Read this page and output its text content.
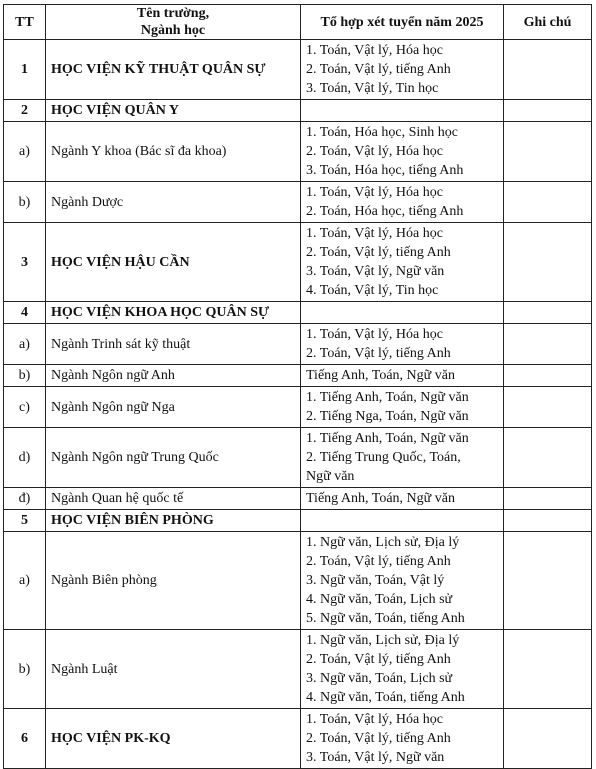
TT	Tên trường,
Ngành học	Tổ hợp xét tuyển năm 2025	Ghi chú
1	HỌC VIỆN KỸ THUẬT QUÂN SỰ	1. Toán, Vật lý, Hóa học
2. Toán, Vật lý, tiếng Anh
3. Toán, Vật lý, Tin học	

2	HỌC VIỆN QUÂN Y		
a)	Ngành Y khoa (Bác sĩ đa khoa)	1. Toán, Hóa học, Sinh học
2. Toán, Vật lý, Hóa học
3. Toán, Hóa học, tiếng Anh	

b)	Ngành Dược	1. Toán, Vật lý, Hóa học
2. Toán, Hóa học, tiếng Anh	

3	HỌC VIỆN HẬU CẦN	1. Toán, Vật lý, Hóa học
2. Toán, Vật lý, tiếng Anh
3. Toán, Vật lý, Ngữ văn
4. Toán, Vật lý, Tin học	

4	HỌC VIỆN KHOA HỌC QUÂN SỰ		
a)	Ngành Trinh sát kỹ thuật	1. Toán, Vật lý, Hóa học
2. Toán, Vật lý, tiếng Anh	

b)	Ngành Ngôn ngữ Anh	Tiếng Anh, Toán, Ngữ văn	

c)	Ngành Ngôn ngữ Nga	1. Tiếng Anh, Toán, Ngữ văn
2. Tiếng Nga, Toán, Ngữ văn	

d)	Ngành Ngôn ngữ Trung Quốc	1. Tiếng Anh, Toán, Ngữ văn
2. Tiếng Trung Quốc, Toán,
Ngữ văn	

đ)	Ngành Quan hệ quốc tế	Tiếng Anh, Toán, Ngữ văn	

5	HỌC VIỆN BIÊN PHÒNG		
a)	Ngành Biên phòng	1. Ngữ văn, Lịch sử, Địa lý
2. Toán, Vật lý, tiếng Anh
3. Ngữ văn, Toán, Vật lý
4. Ngữ văn, Toán, Lịch sử
5. Ngữ văn, Toán, tiếng Anh	

b)	Ngành Luật	1. Ngữ văn, Lịch sử, Địa lý
2. Toán, Vật lý, tiếng Anh
3. Ngữ văn, Toán, Lịch sử
4. Ngữ văn, Toán, tiếng Anh	

6	HỌC VIỆN PK-KQ	1. Toán, Vật lý, Hóa học
2. Toán, Vật lý, tiếng Anh
3. Toán, Vật lý, Ngữ văn	
